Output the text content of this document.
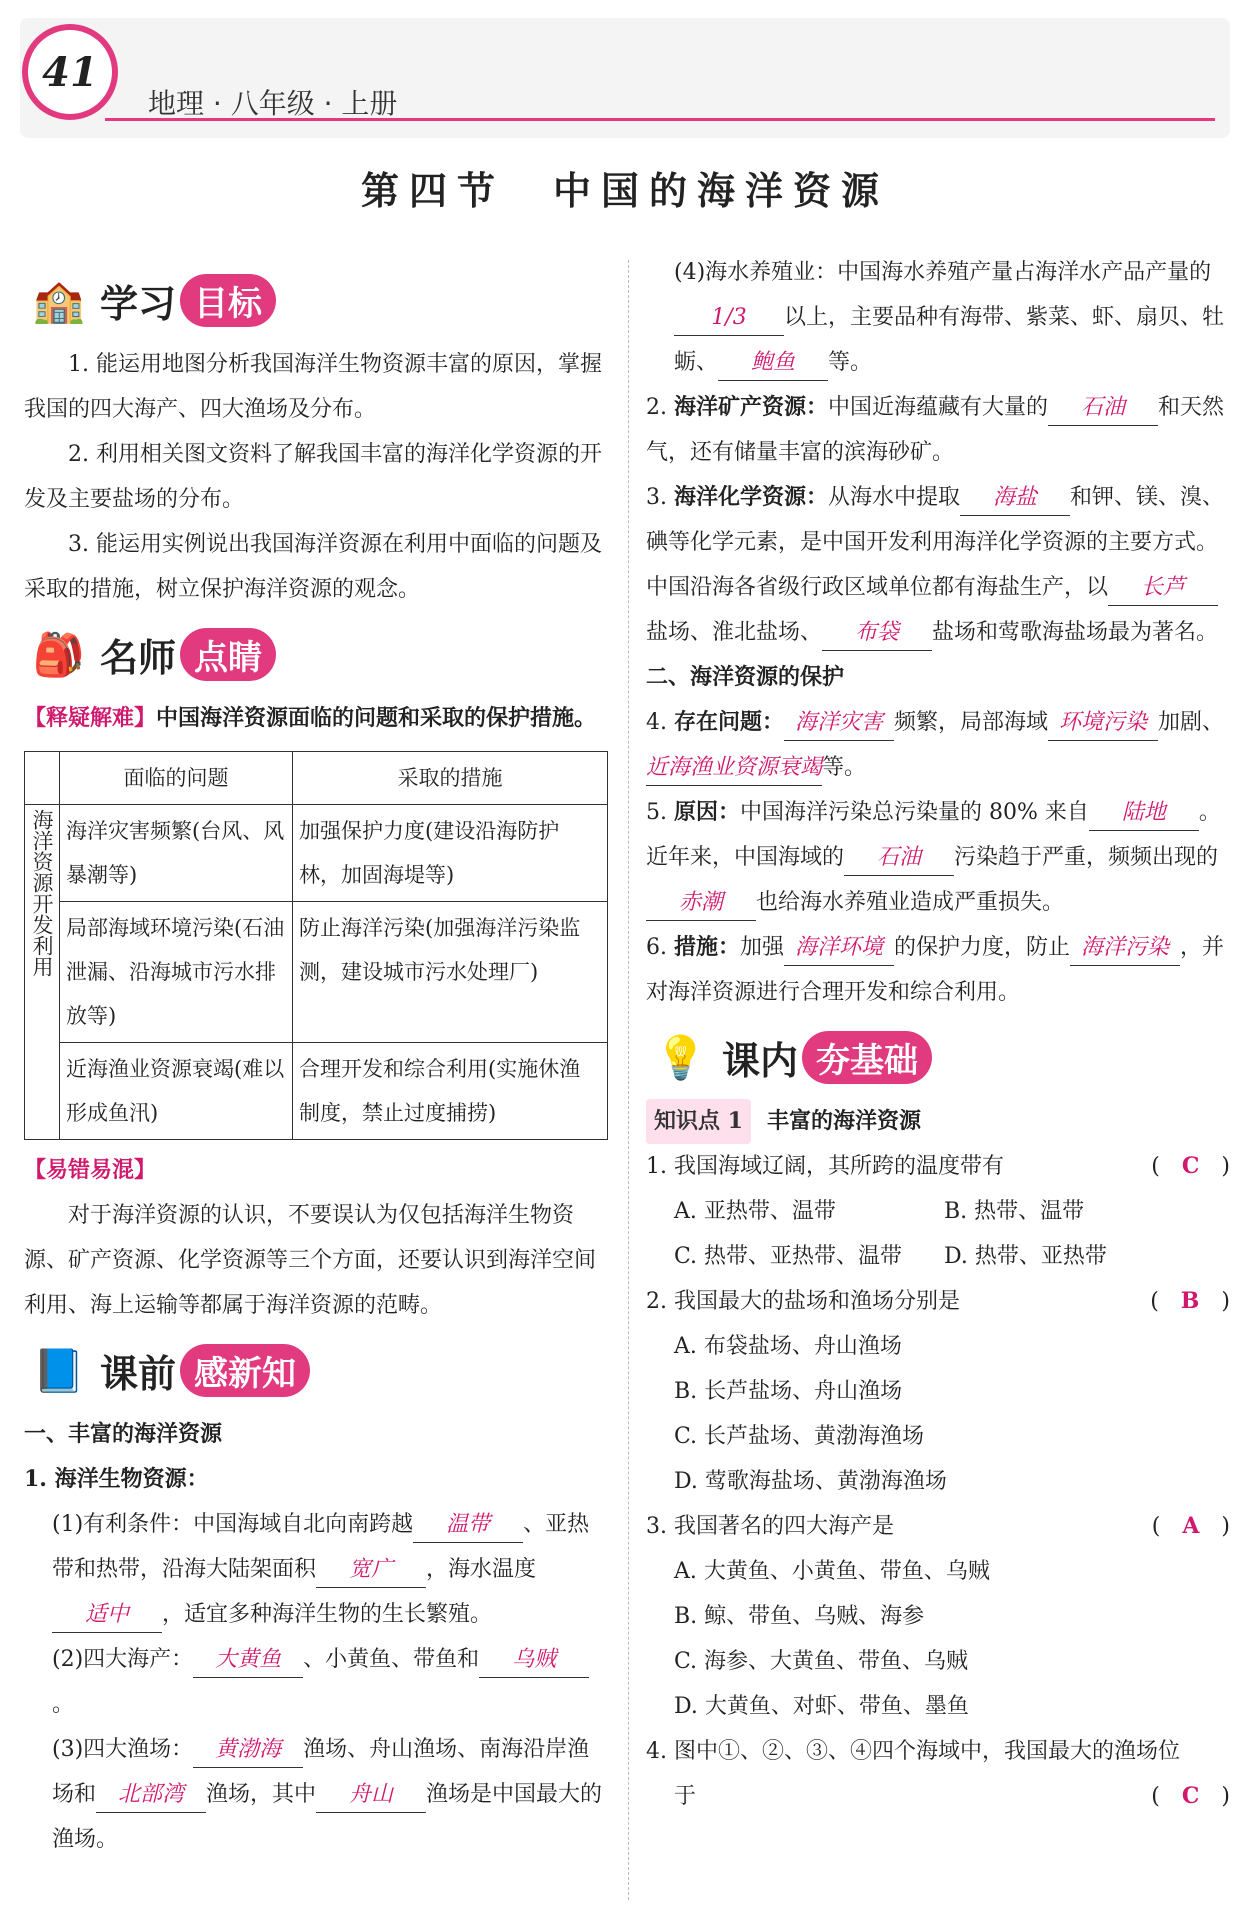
41
地理 · 八年级 · 上册
第四节　中国的海洋资源
🏫 学习 目标

1. 能运用地图分析我国海洋生物资源丰富的原因，掌握我国的四大海产、四大渔场及分布。

2. 利用相关图文资料了解我国丰富的海洋化学资源的开发及主要盐场的分布。

3. 能运用实例说出我国海洋资源在利用中面临的问题及采取的措施，树立保护海洋资源的观念。

🎒 名师 点睛

【释疑解难】中国海洋资源面临的问题和采取的保护措施。

	面临的问题	采取的措施
海洋资源开发利用	海洋灾害频繁(台风、风暴潮等)	加强保护力度(建设沿海防护林，加固海堤等)
	局部海域环境污染(石油泄漏、沿海城市污水排放等)	防止海洋污染(加强海洋污染监测，建设城市污水处理厂)
	近海渔业资源衰竭(难以形成鱼汛)	合理开发和综合利用(实施休渔制度，禁止过度捕捞)

【易错易混】

对于海洋资源的认识，不要误认为仅包括海洋生物资源、矿产资源、化学资源等三个方面，还要认识到海洋空间利用、海上运输等都属于海洋资源的范畴。

📘 课前 感新知

一、丰富的海洋资源

1. 海洋生物资源：

(1)有利条件：中国海域自北向南跨越 温带 、亚热带和热带，沿海大陆架面积 宽广 ，海水温度适中 ，适宜多种海洋生物的生长繁殖。

(2)四大海产： 大黄鱼 、小黄鱼、带鱼和 乌贼。

(3)四大渔场： 黄渤海 渔场、舟山渔场、南海沿岸渔场和 北部湾 渔场，其中 舟山 渔场是中国最大的渔场。

(4)海水养殖业：中国海水养殖产量占海洋水产品产量的1/3 以上，主要品种有海带、紫菜、虾、扇贝、牡蛎、 鲍鱼 等。

2. 海洋矿产资源：中国近海蕴藏有大量的 石油 和天然气，还有储量丰富的滨海砂矿。

3. 海洋化学资源：从海水中提取 海盐 和钾、镁、溴、碘等化学元素，是中国开发利用海洋化学资源的主要方式。中国沿海各省级行政区域单位都有海盐生产，以 长芦盐场、淮北盐场、 布袋 盐场和莺歌海盐场最为著名。

二、海洋资源的保护

4. 存在问题： 海洋灾害 频繁，局部海域 环境污染 加剧、近海渔业资源衰竭等。

5. 原因：中国海洋污染总污染量的 80% 来自 陆地 。近年来，中国海域的 石油 污染趋于严重，频频出现的赤潮 也给海水养殖业造成严重损失。

6. 措施：加强 海洋环境 的保护力度，防止 海洋污染 ，并对海洋资源进行合理开发和综合利用。

💡 课内 夯基础

知识点 1 丰富的海洋资源

1. 我国海域辽阔，其所跨的温度带有	(　C　)
A. 亚热带、温带	B. 热带、温带
C. 热带、亚热带、温带	D. 热带、亚热带
2. 我国最大的盐场和渔场分别是	(　B　)
A. 布袋盐场、舟山渔场
B. 长芦盐场、舟山渔场
C. 长芦盐场、黄渤海渔场
D. 莺歌海盐场、黄渤海渔场
3. 我国著名的四大海产是	(　A　)
A. 大黄鱼、小黄鱼、带鱼、乌贼
B. 鲸、带鱼、乌贼、海参
C. 海参、大黄鱼、带鱼、乌贼
D. 大黄鱼、对虾、带鱼、墨鱼
4. 图中①、②、③、④四个海域中，我国最大的渔场位
于	(　C　)
